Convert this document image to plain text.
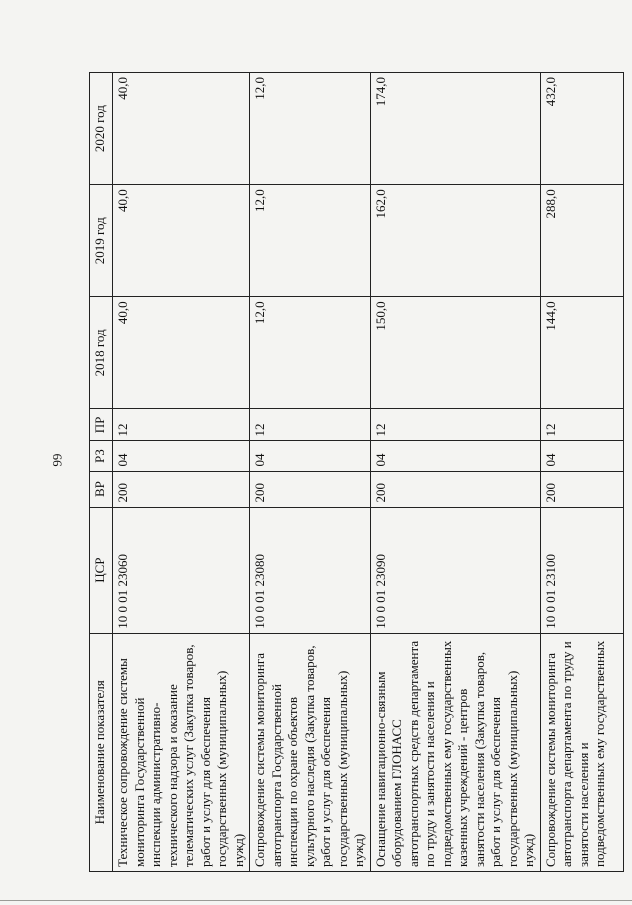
66
Наименование показателя	ЦСР	ВР	РЗ	ПР	2018 год	2019 год	2020 год
Техническое сопровождение системы мониторинга Государственной инспекции административно-технического надзора и оказание телематических услуг (Закупка товаров, работ и услуг для обеспечения государственных (муниципальных) нужд)	10 0 01 23060	200	04	12	40,0	40,0	40,0
Сопровождение системы мониторинга автотранспорта Государственной инспекции по охране объектов культурного наследия (Закупка товаров, работ и услуг для обеспечения государственных (муниципальных) нужд)	10 0 01 23080	200	04	12	12,0	12,0	12,0
Оснащение навигационно-связным оборудованием ГЛОНАСС автотранспортных средств департамента по труду и занятости населения и подведомственных ему государственных казенных учреждений - центров занятости населения (Закупка товаров, работ и услуг для обеспечения государственных (муниципальных) нужд)	10 0 01 23090	200	04	12	150,0	162,0	174,0
Сопровождение системы мониторинга автотранспорта департамента по труду и занятости населения и подведомственных ему государственных	10 0 01 23100	200	04	12	144,0	288,0	432,0
